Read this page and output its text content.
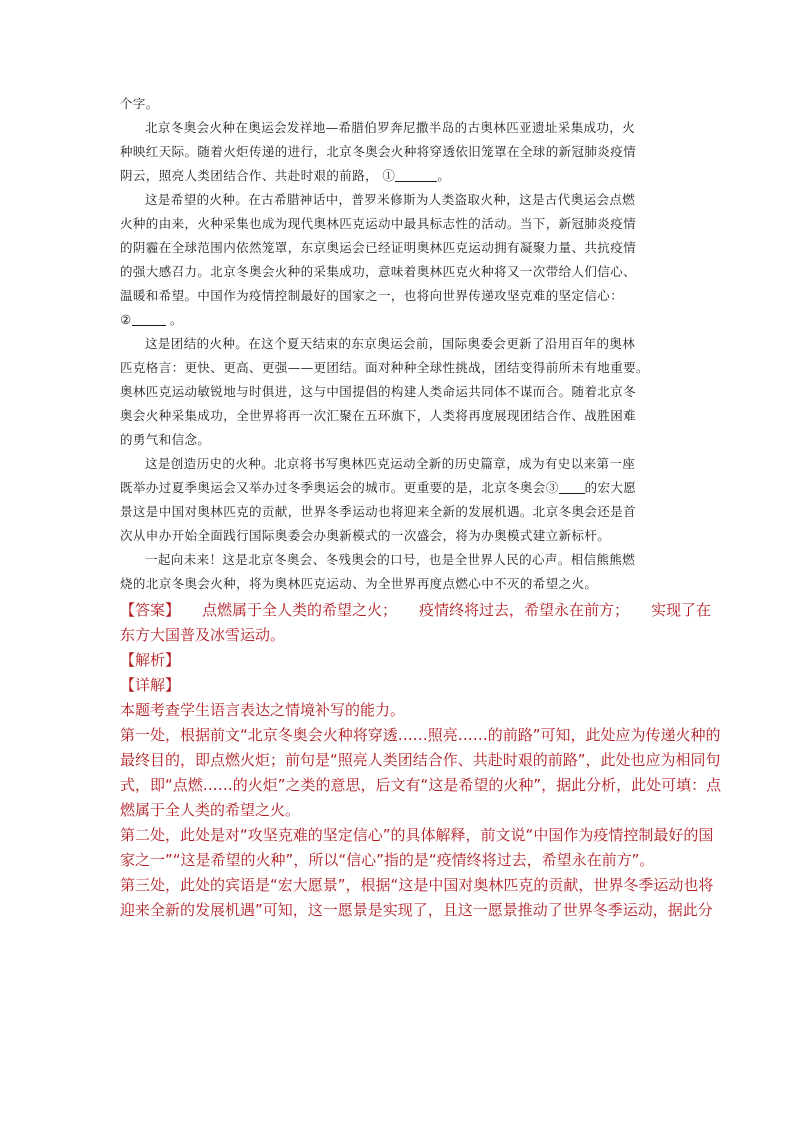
个字。
北京冬奥会火种在奥运会发祥地—希腊伯罗奔尼撒半岛的古奥林匹亚遗址采集成功，火
种映红天际。随着火炬传递的进行，北京冬奥会火种将穿透依旧笼罩在全球的新冠肺炎疫情
阴云，照亮人类团结合作、共赴时艰的前路， ①	。
这是希望的火种。在古希腊神话中，普罗米修斯为人类盗取火种，这是古代奥运会点燃
火种的由来，火种采集也成为现代奥林匹克运动中最具标志性的活动。当下，新冠肺炎疫情
的阴霾在全球范围内依然笼罩，东京奥运会已经证明奥林匹克运动拥有凝聚力量、共抗疫情
的强大感召力。北京冬奥会火种的采集成功，意味着奥林匹克火种将又一次带给人们信心、
温暖和希望。中国作为疫情控制最好的国家之一，也将向世界传递攻坚克难的坚定信心：
②	。
这是团结的火种。在这个夏天结束的东京奥运会前，国际奥委会更新了沿用百年的奥林
匹克格言：更快、更高、更强——更团结。面对种种全球性挑战，团结变得前所未有地重要。
奥林匹克运动敏锐地与时俱进，这与中国提倡的构建人类命运共同体不谋而合。随着北京冬
奥会火种采集成功，全世界将再一次汇聚在五环旗下，人类将再度展现团结合作、战胜困难
的勇气和信念。
这是创造历史的火种。北京将书写奥林匹克运动全新的历史篇章，成为有史以来第一座
既举办过夏季奥运会又举办过冬季奥运会的城市。更重要的是，北京冬奥会③ 的宏大愿
景这是中国对奥林匹克的贡献，世界冬季运动也将迎来全新的发展机遇。北京冬奥会还是首
次从申办开始全面践行国际奥委会办奥新模式的一次盛会，将为办奥模式建立新标杆。
一起向未来！这是北京冬奥会、冬残奥会的口号，也是全世界人民的心声。相信熊熊燃
烧的北京冬奥会火种，将为奥林匹克运动、为全世界再度点燃心中不灭的希望之火。
【答案】 点燃属于全人类的希望之火； 疫情终将过去，希望永在前方； 实现了在
东方大国普及冰雪运动。
【解析】
【详解】
本题考查学生语言表达之情境补写的能力。
第一处，根据前文“北京冬奥会火种将穿透……照亮……的前路”可知，此处应为传递火种的
最终目的，即点燃火炬；前句是“照亮人类团结合作、共赴时艰的前路”，此处也应为相同句
式，即“点燃……的火炬”之类的意思，后文有“这是希望的火种”，据此分析，此处可填：点
燃属于全人类的希望之火。
第二处，此处是对“攻坚克难的坚定信心”的具体解释，前文说“中国作为疫情控制最好的国
家之一”“这是希望的火种”，所以“信心”指的是“疫情终将过去，希望永在前方”。
第三处，此处的宾语是“宏大愿景”，根据“这是中国对奥林匹克的贡献，世界冬季运动也将
迎来全新的发展机遇”可知，这一愿景是实现了，且这一愿景推动了世界冬季运动，据此分
